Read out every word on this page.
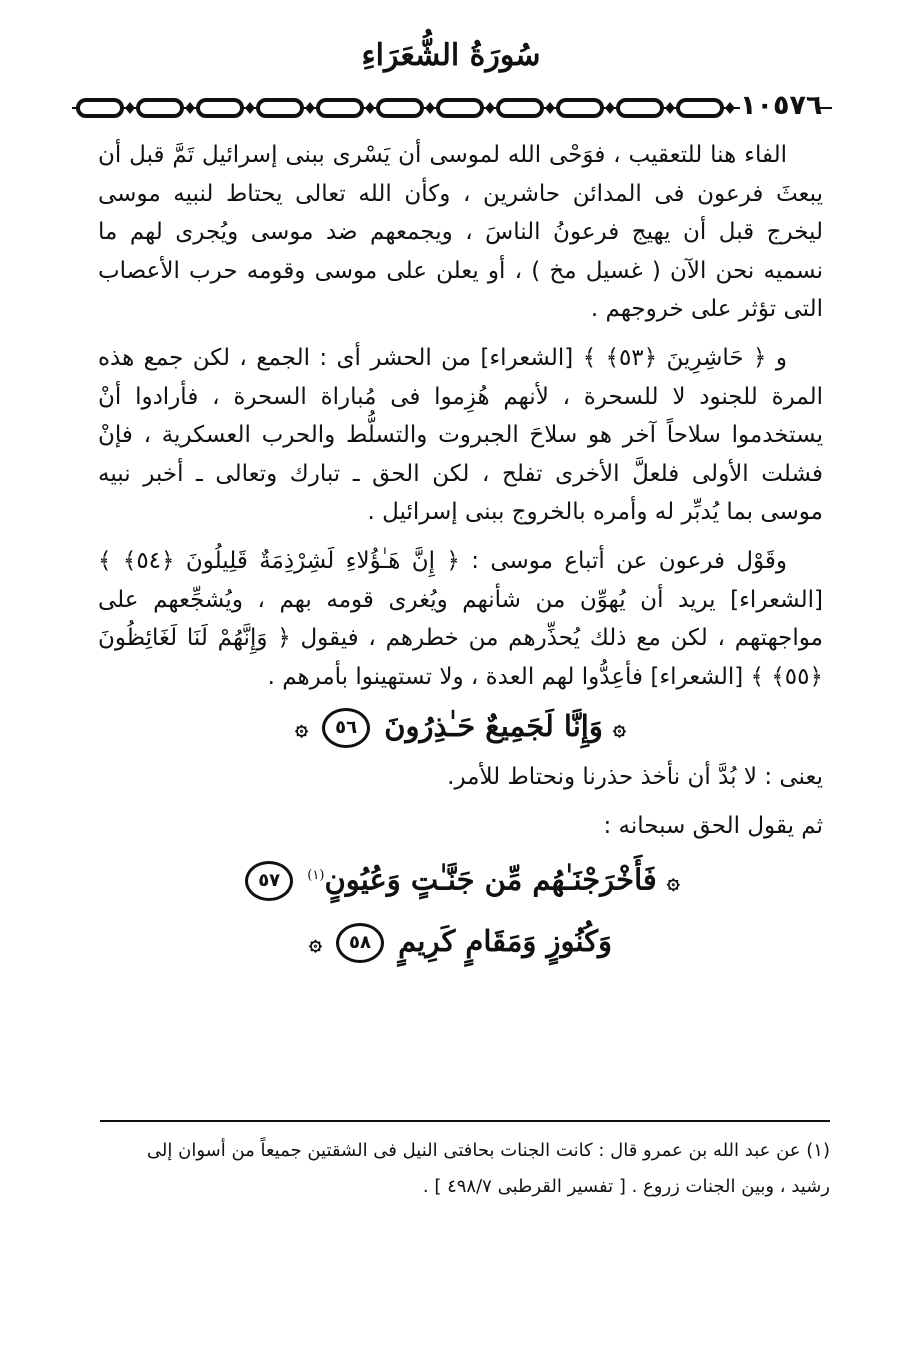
سُورَةُ الشُّعَرَاءِ
١٠٥٧٦

الفاء هنا للتعقيب ، فوَحْى الله لموسى أن يَسْرى ببنى إسرائيل تَمَّ قبل أن يبعثَ فرعون فى المدائن حاشرين ، وكأن الله تعالى يحتاط لنبيه موسى ليخرج قبل أن يهيج فرعونُ الناسَ ، ويجمعهم ضد موسى ويُجرى لهم ما نسميه نحن الآن ( غسيل مخ ) ، أو يعلن على موسى وقومه حرب الأعصاب التى تؤثر على خروجهم .

و ﴿ حَاشِرِينَ ﴿٥٣﴾ ﴾ [الشعراء] من الحشر أى : الجمع ، لكن جمع هذه المرة للجنود لا للسحرة ، لأنهم هُزِموا فى مُباراة السحرة ، فأرادوا أنْ يستخدموا سلاحاً آخر هو سلاحَ الجبروت والتسلُّط والحرب العسكرية ، فإنْ فشلت الأولى فلعلَّ الأخرى تفلح ، لكن الحق ـ تبارك وتعالى ـ أخبر نبيه موسى بما يُدبِّر له وأمره بالخروج ببنى إسرائيل .

وقَوْل فرعون عن أتباع موسى : ﴿ إِنَّ هَـٰؤُلاءِ لَشِرْذِمَةٌ قَلِيلُونَ ﴿٥٤﴾ ﴾ [الشعراء] يريد أن يُهوِّن من شأنهم ويُغرى قومه بهم ، ويُشجِّعهم على مواجهتهم ، لكن مع ذلك يُحذِّرهم من خطرهم ، فيقول ﴿ وَإِنَّهُمْ لَنَا لَغَائِظُونَ ﴿٥٥﴾ ﴾ [الشعراء] فأعِدُّوا لهم العدة ، ولا تستهينوا بأمرهم .

۞ وَإِنَّا لَجَمِيعٌ حَـٰذِرُونَ ٥٦ ۞

يعنى : لا بُدَّ أن نأخذ حذرنا ونحتاط للأمر.

ثم يقول الحق سبحانه :

۞ فَأَخْرَجْنَـٰهُم مِّن جَنَّـٰتٍ وَعُيُونٍ$^{(١)}$ ٥٧
وَكُنُوزٍ وَمَقَامٍ كَرِيمٍ ٥٨ ۞

(١) عن عبد الله بن عمرو قال : كانت الجنات بحافتى النيل فى الشقتين جميعاً من أسوان إلى

رشيد ، وبين الجنات زروع . [ تفسير القرطبى ٤٩٨/٧ ] .
